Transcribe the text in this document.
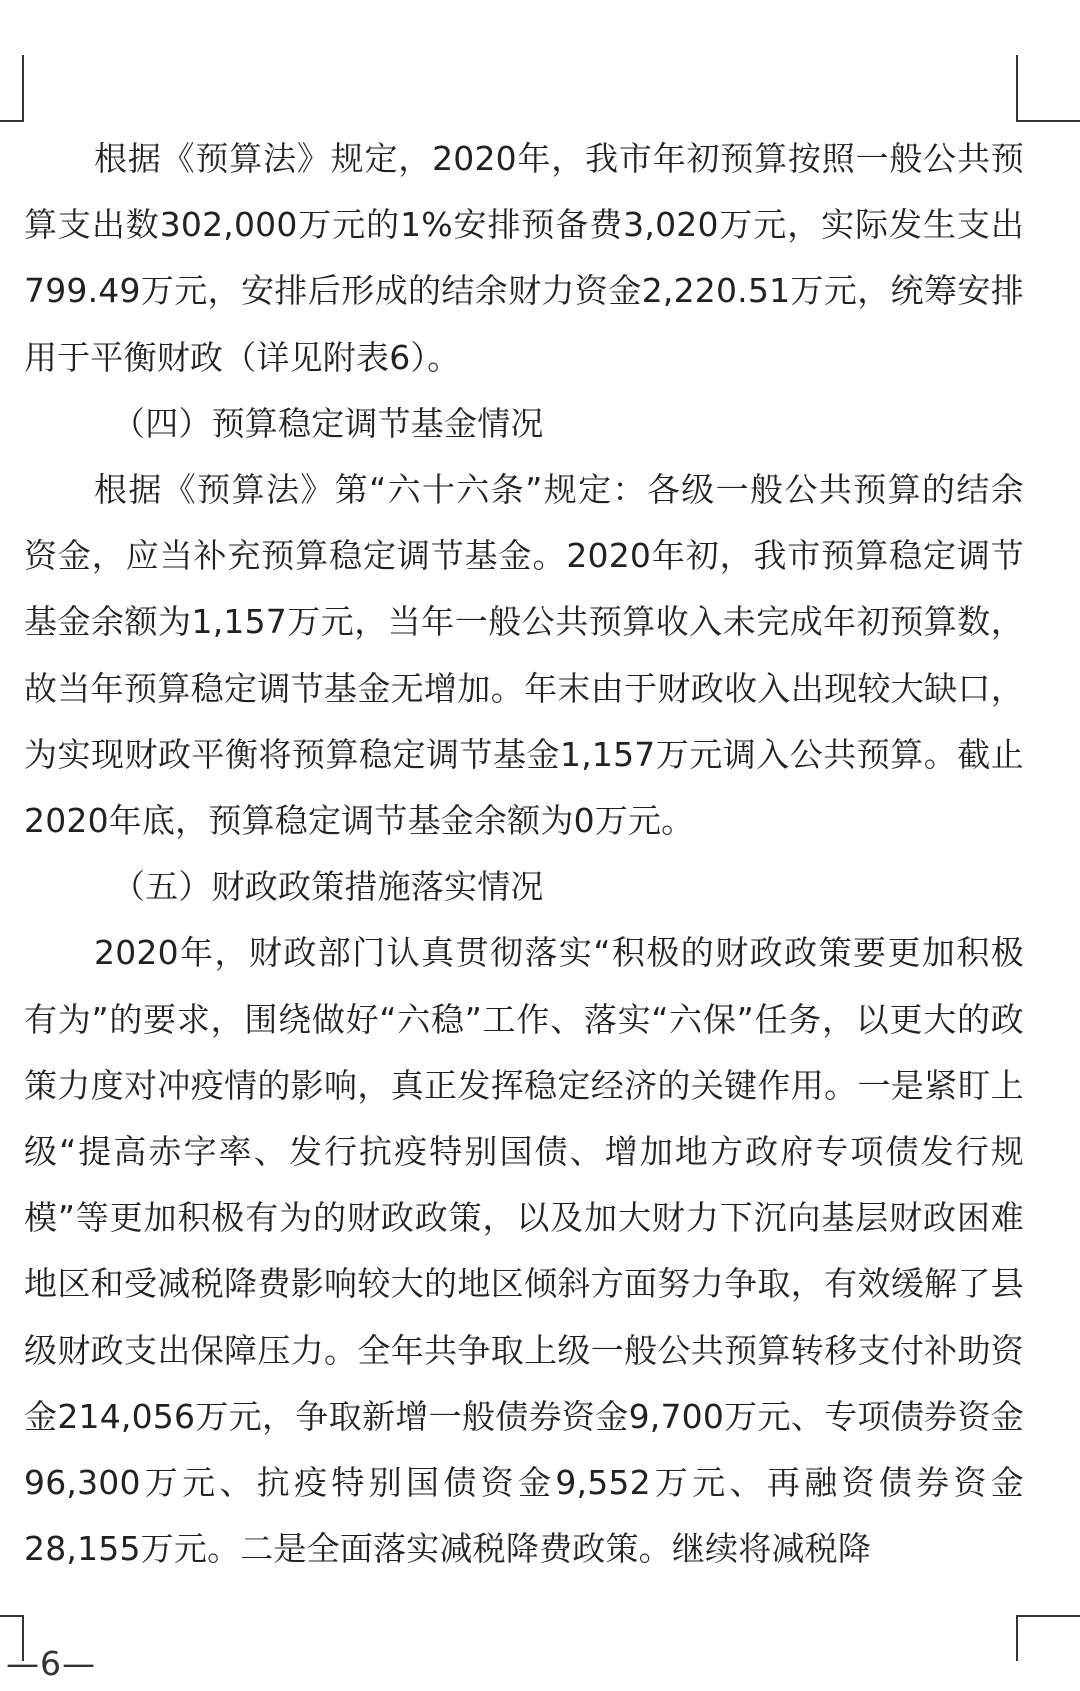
根据《预算法》规定，2020年，我市年初预算按照一般公共预算支出数302,000万元的1%安排预备费3,020万元，实际发生支出799.49万元，安排后形成的结余财力资金2,220.51万元，统筹安排用于平衡财政（详见附表6）。

（四）预算稳定调节基金情况

根据《预算法》第“六十六条”规定：各级一般公共预算的结余资金，应当补充预算稳定调节基金。2020年初，我市预算稳定调节基金余额为1,157万元，当年一般公共预算收入未完成年初预算数，故当年预算稳定调节基金无增加。年末由于财政收入出现较大缺口，为实现财政平衡将预算稳定调节基金1,157万元调入公共预算。截止2020年底，预算稳定调节基金余额为0万元。

（五）财政政策措施落实情况

2020年，财政部门认真贯彻落实“积极的财政政策要更加积极有为”的要求，围绕做好“六稳”工作、落实“六保”任务，以更大的政策力度对冲疫情的影响，真正发挥稳定经济的关键作用。一是紧盯上级“提高赤字率、发行抗疫特别国债、增加地方政府专项债发行规模”等更加积极有为的财政政策，以及加大财力下沉向基层财政困难地区和受减税降费影响较大的地区倾斜方面努力争取，有效缓解了县级财政支出保障压力。全年共争取上级一般公共预算转移支付补助资金214,056万元，争取新增一般债券资金9,700万元、专项债券资金96,300万元、抗疫特别国债资金9,552万元、再融资债券资金28,155万元。二是全面落实减税降费政策。继续将减税降

—6—
